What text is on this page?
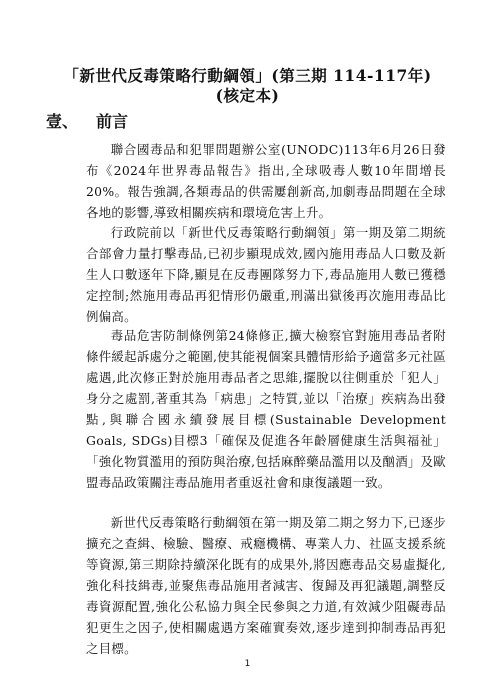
「新世代反毒策略行動綱領」(第三期 114-117年)
(核定本)
壹、 前言

聯合國毒品和犯罪問題辦公室(UNODC)113年6月26日發布《2024年世界毒品報告》指出,全球吸毒人數10年間增長20%。報告強調,各類毒品的供需屢創新高,加劇毒品問題在全球各地的影響,導致相關疾病和環境危害上升。

行政院前以「新世代反毒策略行動綱領」第一期及第二期統合部會力量打擊毒品,已初步顯現成效,國內施用毒品人口數及新生人口數逐年下降,顯見在反毒團隊努力下,毒品施用人數已獲穩定控制;然施用毒品再犯情形仍嚴重,刑滿出獄後再次施用毒品比例偏高。

毒品危害防制條例第24條修正,擴大檢察官對施用毒品者附條件緩起訴處分之範圍,使其能視個案具體情形給予適當多元社區處遇,此次修正對於施用毒品者之思維,擺脫以往側重於「犯人」身分之處罰,著重其為「病患」之特質,並以「治療」疾病為出發點,與聯合國永續發展目標(Sustainable Development Goals, SDGs)目標3「確保及促進各年齡層健康生活與福祉」「強化物質濫用的預防與治療,包括麻醉藥品濫用以及酗酒」及歐盟毒品政策關注毒品施用者重返社會和康復議題一致。

新世代反毒策略行動綱領在第一期及第二期之努力下,已逐步擴充之查緝、檢驗、醫療、戒癮機構、專業人力、社區支援系統等資源,第三期除持續深化既有的成果外,將因應毒品交易虛擬化,強化科技緝毒,並聚焦毒品施用者減害、復歸及再犯議題,調整反毒資源配置,強化公私協力與全民參與之力道,有效減少阻礙毒品犯更生之因子,使相關處遇方案確實奏效,逐步達到抑制毒品再犯之目標。

1
